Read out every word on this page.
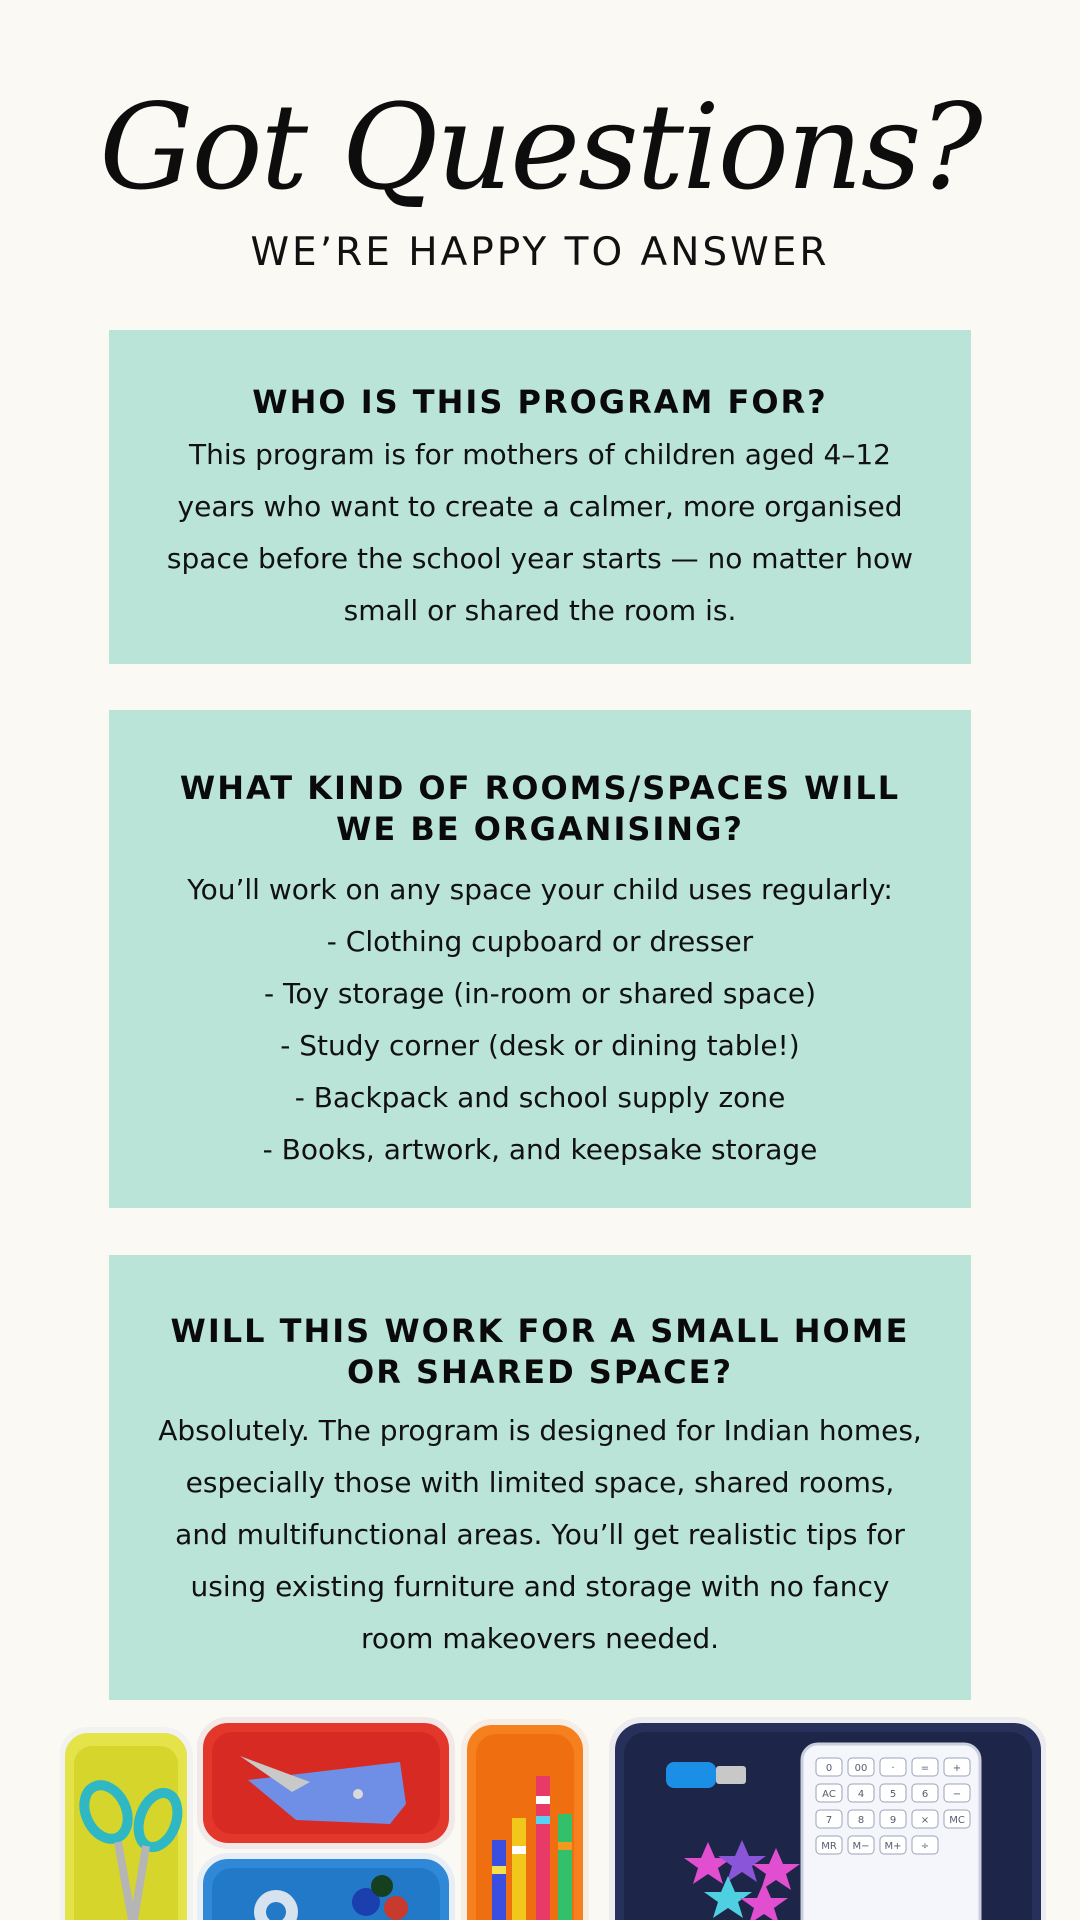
Got Questions?
WE’RE HAPPY TO ANSWER
WHO IS THIS PROGRAM FOR?

This program is for mothers of children aged 4–12 years who want to create a calmer, more organised space before the school year starts — no matter how small or shared the room is.

WHAT KIND OF ROOMS/SPACES WILL WE BE ORGANISING?
You’ll work on any space your child uses regularly:
- Clothing cupboard or dresser
- Toy storage (in-room or shared space)
- Study corner (desk or dining table!)
- Backpack and school supply zone
- Books, artwork, and keepsake storage
WILL THIS WORK FOR A SMALL HOME OR SHARED SPACE?

Absolutely. The program is designed for Indian homes, especially those with limited space, shared rooms, and multifunctional areas. You’ll get realistic tips for using existing furniture and storage with no fancy room makeovers needed.

0 00 ·	= +
AC 4	5	6 −
7	8	9 × MC
MR M− M+ ÷
